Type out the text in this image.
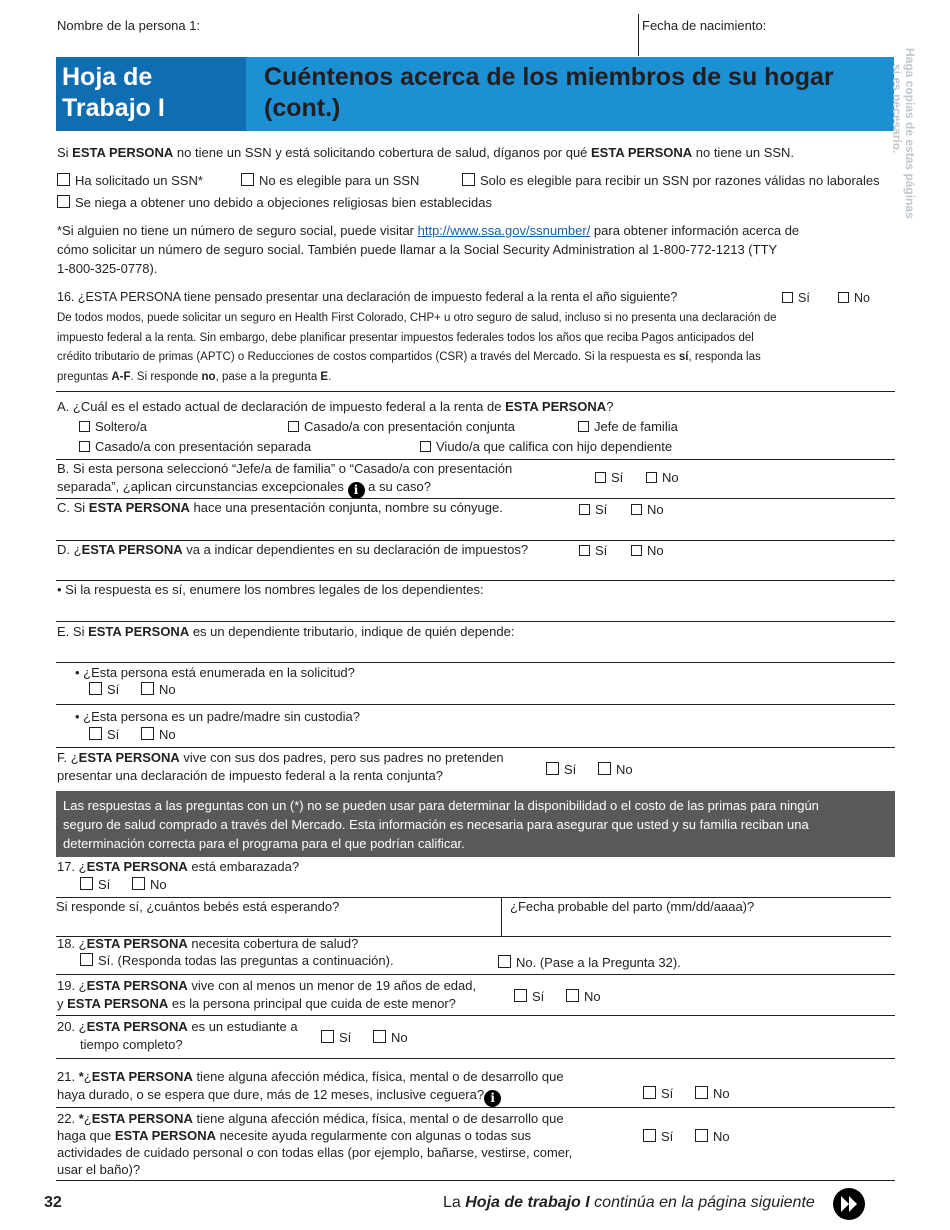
Nombre de la persona 1:	Fecha de nacimiento:
Hoja de
Trabajo I
Cuéntenos acerca de los miembros de su hogar
(cont.)	Haga copias de estas páginas
si es necesario.
Si ESTA PERSONA no tiene un SSN y está solicitando cobertura de salud, díganos por qué ESTA PERSONA no tiene un SSN.
Ha solicitado un SSN*	No es elegible para un SSN	Solo es elegible para recibir un SSN por razones válidas no laborales
Se niega a obtener uno debido a objeciones religiosas bien establecidas
*Si alguien no tiene un número de seguro social, puede visitar http://www.ssa.gov/ssnumber/ para obtener información acerca de
cómo solicitar un número de seguro social. También puede llamar a la Social Security Administration al 1-800-772-1213 (TTY
1-800-325-0778).
16. ¿ESTA PERSONA tiene pensado presentar una declaración de impuesto federal a la renta el año siguiente?	Sí	No
De todos modos, puede solicitar un seguro en Health First Colorado, CHP+ u otro seguro de salud, incluso si no presenta una declaración de
impuesto federal a la renta. Sin embargo, debe planificar presentar impuestos federales todos los años que reciba Pagos anticipados del
crédito tributario de primas (APTC) o Reducciones de costos compartidos (CSR) a través del Mercado. Si la respuesta es sí, responda las
preguntas A-F. Si responde no, pase a la pregunta E.
A. ¿Cuál es el estado actual de declaración de impuesto federal a la renta de ESTA PERSONA?
Soltero/a	Casado/a con presentación conjunta	Jefe de familia
Casado/a con presentación separada	Viudo/a que califica con hijo dependiente
B. Si esta persona seleccionó “Jefe/a de familia” o “Casado/a con presentación
separada”, ¿aplican circunstancias excepcionales i a su caso?
Sí	No
C. Si ESTA PERSONA hace una presentación conjunta, nombre su cónyuge.	Sí	No
D. ¿ESTA PERSONA va a indicar dependientes en su declaración de impuestos?	Sí	No
• Si la respuesta es sí, enumere los nombres legales de los dependientes:
E. Si ESTA PERSONA es un dependiente tributario, indique de quién depende:
• ¿Esta persona está enumerada en la solicitud?
Sí	No
• ¿Esta persona es un padre/madre sin custodia?
Sí	No
F. ¿ESTA PERSONA vive con sus dos padres, pero sus padres no pretenden
presentar una declaración de impuesto federal a la renta conjunta?	Sí	No
Las respuestas a las preguntas con un (*) no se pueden usar para determinar la disponibilidad o el costo de las primas para ningún
seguro de salud comprado a través del Mercado. Esta información es necesaria para asegurar que usted y su familia reciban una
determinación correcta para el programa para el que podrían calificar.
17. ¿ESTA PERSONA está embarazada?
Sí	No
Si responde sí, ¿cuántos bebés está esperando?	¿Fecha probable del parto (mm/dd/aaaa)?
18. ¿ESTA PERSONA necesita cobertura de salud?
Sí. (Responda todas las preguntas a continuación).	No. (Pase a la Pregunta 32).
19. ¿ESTA PERSONA vive con al menos un menor de 19 años de edad,
y ESTA PERSONA es la persona principal que cuida de este menor?	Sí	No
20. ¿ESTA PERSONA es un estudiante a
tiempo completo?	Sí	No
21. *¿ESTA PERSONA tiene alguna afección médica, física, mental o de desarrollo que
haya durado, o se espera que dure, más de 12 meses, inclusive ceguera? i	Sí	No
22. *¿ESTA PERSONA tiene alguna afección médica, física, mental o de desarrollo que
haga que ESTA PERSONA necesite ayuda regularmente con algunas o todas sus
actividades de cuidado personal o con todas ellas (por ejemplo, bañarse, vestirse, comer,
usar el baño)?
Sí	No
32	La Hoja de trabajo I continúa en la página siguiente
